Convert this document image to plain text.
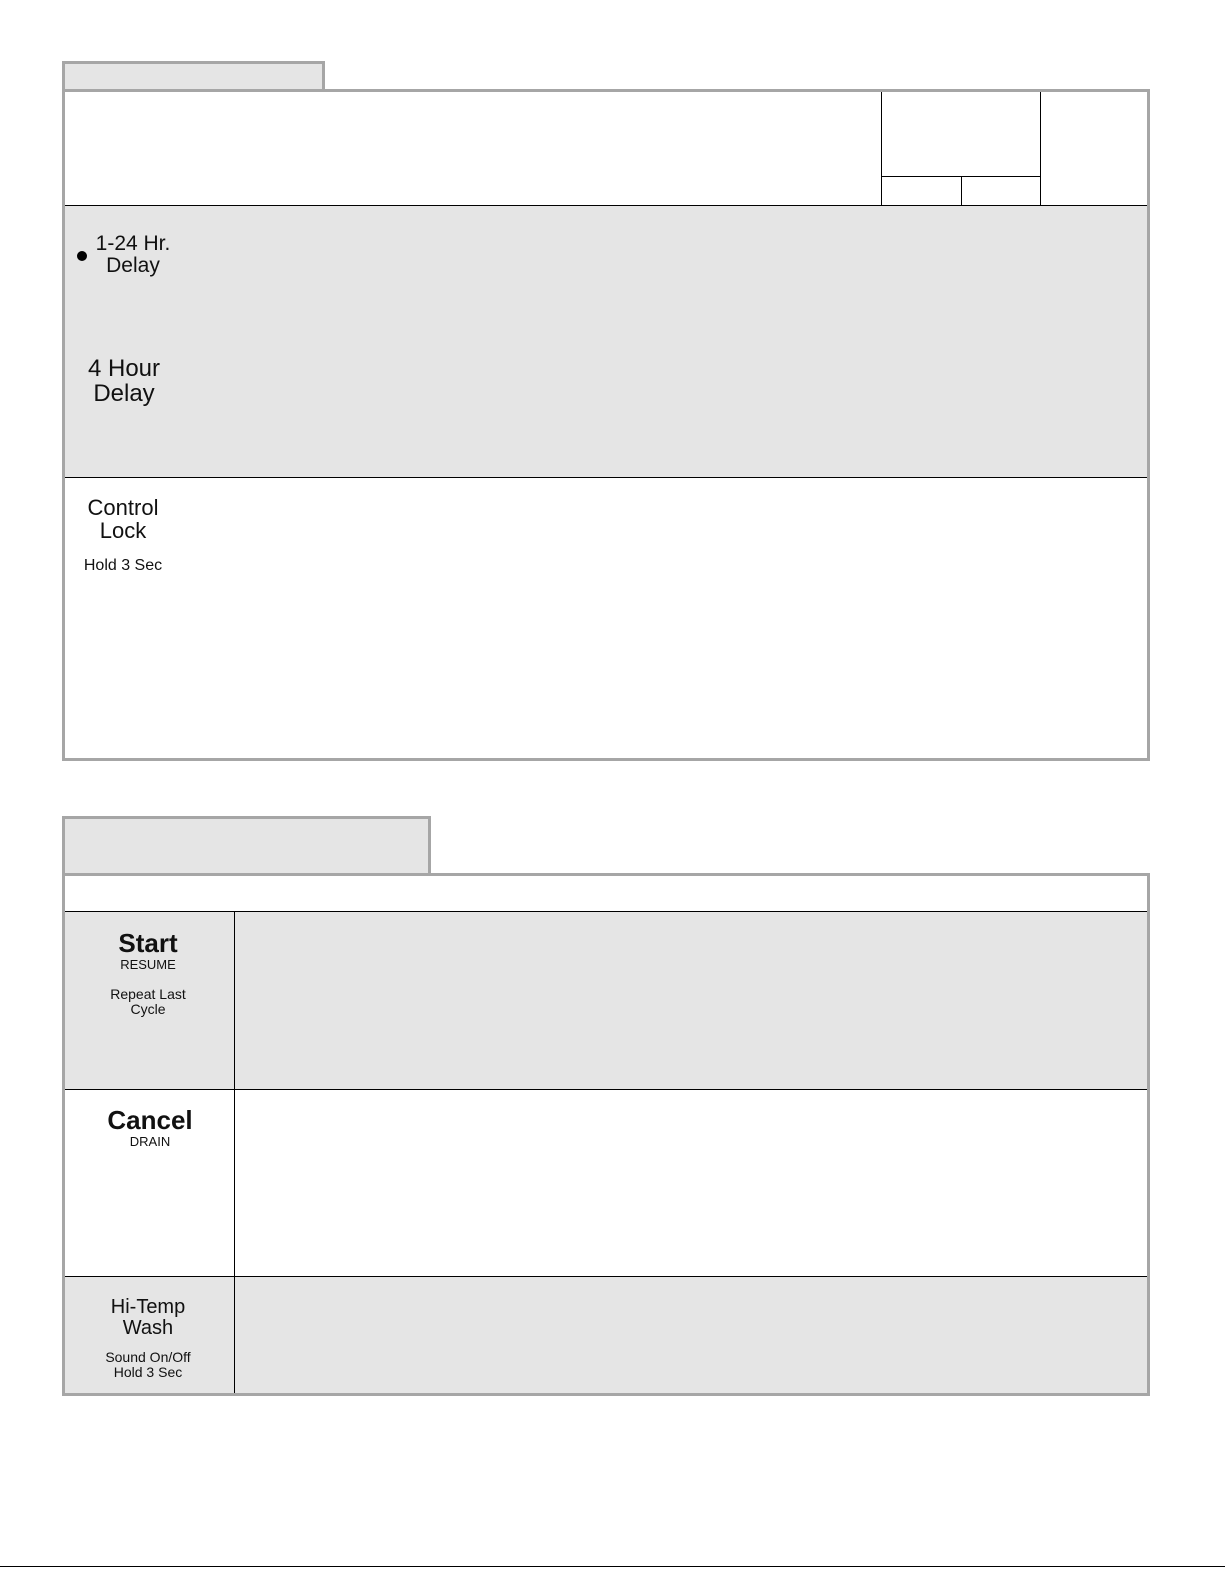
1-24 Hr.
Delay
4 Hour
Delay
Control
Lock
Hold 3 Sec
Start
RESUME
Repeat Last
Cycle
Cancel
DRAIN
Hi-Temp
Wash
Sound On/Off
Hold 3 Sec
